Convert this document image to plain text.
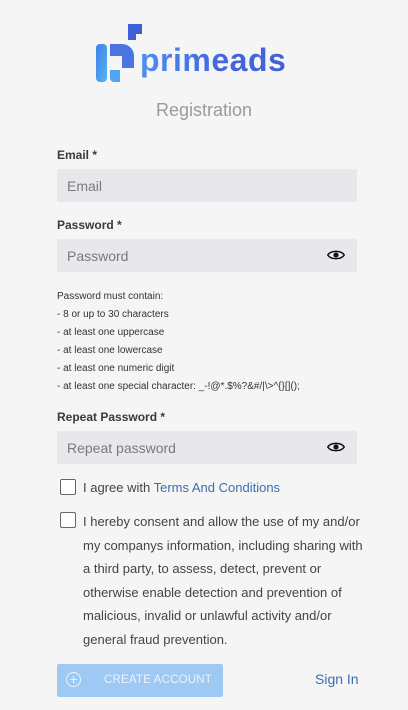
primeads
Registration
Email *
Email
Password *
Password must contain:
- 8 or up to 30 characters
- at least one uppercase
- at least one lowercase
- at least one numeric digit
- at least one special character: _-!@*.$%?&#/|\>^{}[]();
Repeat Password *
I agree with Terms And Conditions
I hereby consent and allow the use of my and/or my companys information, including sharing with a third party, to assess, detect, prevent or otherwise enable detection and prevention of malicious, invalid or unlawful activity and/or general fraud prevention.
CREATE ACCOUNT	Sign In
